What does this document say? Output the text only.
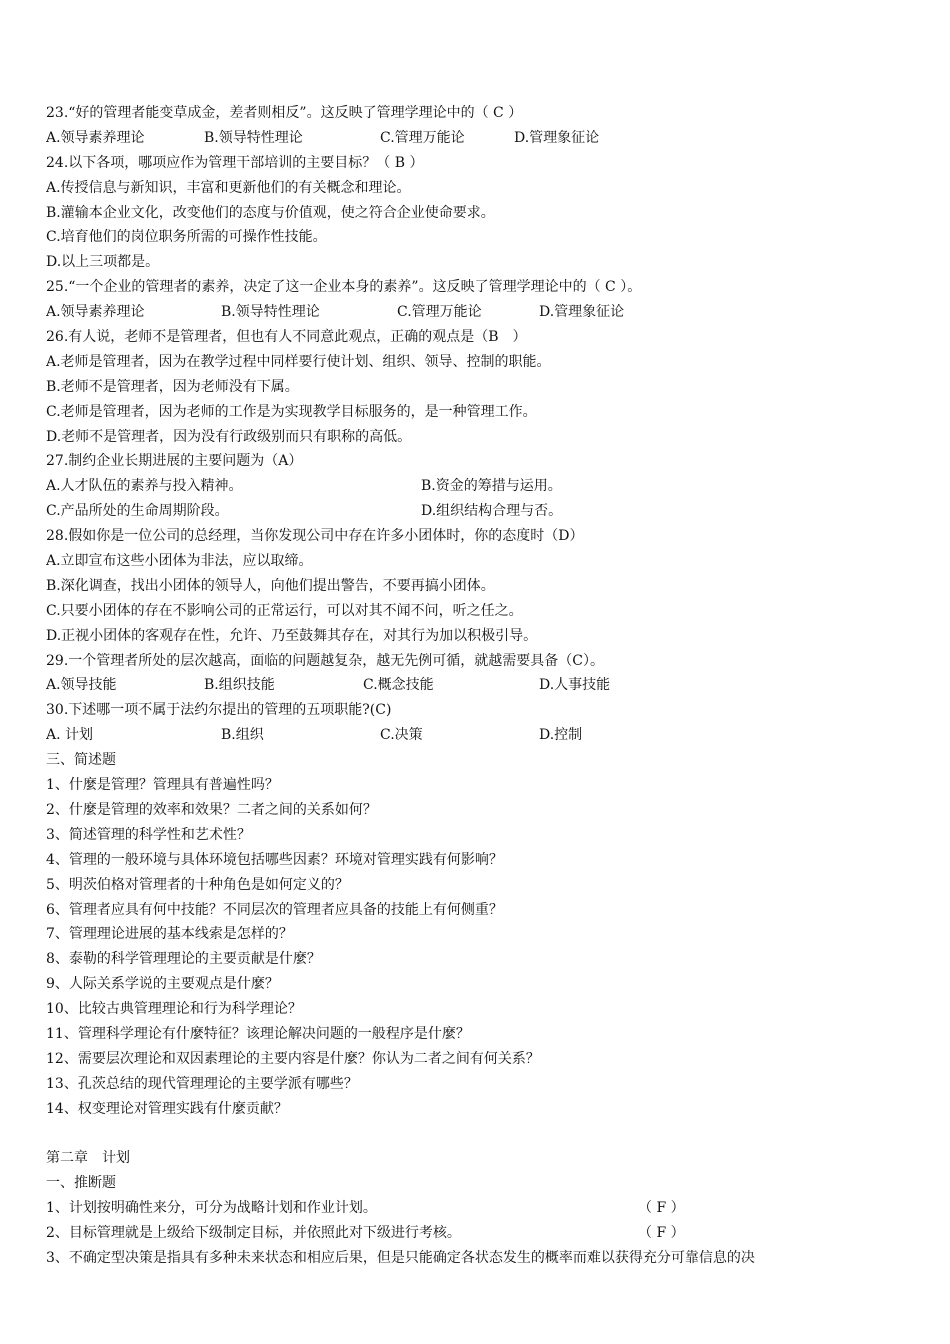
23.“好的管理者能变草成金，差者则相反”。这反映了管理学理论中的（ C ）
A.领导素养理论	B.领导特性理论	C.管理万能论	D.管理象征论
24.以下各项，哪项应作为管理干部培训的主要目标？（ B ）
A.传授信息与新知识，丰富和更新他们的有关概念和理论。
B.灌输本企业文化，改变他们的态度与价值观，使之符合企业使命要求。
C.培育他们的岗位职务所需的可操作性技能。
D.以上三项都是。
25.“一个企业的管理者的素养，决定了这一企业本身的素养”。这反映了管理学理论中的（ C ）。
A.领导素养理论	B.领导特性理论	C.管理万能论	D.管理象征论
26.有人说，老师不是管理者，但也有人不同意此观点，正确的观点是（B　）
A.老师是管理者，因为在教学过程中同样要行使计划、组织、领导、控制的职能。
B.老师不是管理者，因为老师没有下属。
C.老师是管理者，因为老师的工作是为实现教学目标服务的，是一种管理工作。
D.老师不是管理者，因为没有行政级别而只有职称的高低。
27.制约企业长期进展的主要问题为（A）
A.人才队伍的素养与投入精神。	B.资金的筹措与运用。
C.产品所处的生命周期阶段。	D.组织结构合理与否。
28.假如你是一位公司的总经理，当你发现公司中存在许多小团体时，你的态度时（D）
A.立即宣布这些小团体为非法，应以取缔。
B.深化调查，找出小团体的领导人，向他们提出警告，不要再搞小团体。
C.只要小团体的存在不影响公司的正常运行，可以对其不闻不问，听之任之。
D.正视小团体的客观存在性，允许、乃至鼓舞其存在，对其行为加以积极引导。
29.一个管理者所处的层次越高，面临的问题越复杂，越无先例可循，就越需要具备（C）。
A.领导技能	B.组织技能	C.概念技能	D.人事技能
30.下述哪一项不属于法约尔提出的管理的五项职能?(C)
A. 计划	B.组织	C.决策	D.控制
三、简述题
1、什麼是管理？管理具有普遍性吗？
2、什麼是管理的效率和效果？二者之间的关系如何？
3、简述管理的科学性和艺术性？
4、管理的一般环境与具体环境包括哪些因素？环境对管理实践有何影响？
5、明茨伯格对管理者的十种角色是如何定义的？
6、管理者应具有何中技能？不同层次的管理者应具备的技能上有何侧重？
7、管理理论进展的基本线索是怎样的？
8、泰勒的科学管理理论的主要贡献是什麼？
9、人际关系学说的主要观点是什麼？
10、比较古典管理理论和行为科学理论？
11、管理科学理论有什麼特征？该理论解决问题的一般程序是什麼？
12、需要层次理论和双因素理论的主要内容是什麼？你认为二者之间有何关系？
13、孔茨总结的现代管理理论的主要学派有哪些？
14、权变理论对管理实践有什麼贡献？
第二章　计划
一、推断题
1、计划按明确性来分，可分为战略计划和作业计划。	（ F ）
2、目标管理就是上级给下级制定目标，并依照此对下级进行考核。	（ F ）
3、不确定型决策是指具有多种未来状态和相应后果，但是只能确定各状态发生的概率而难以获得充分可靠信息的决
